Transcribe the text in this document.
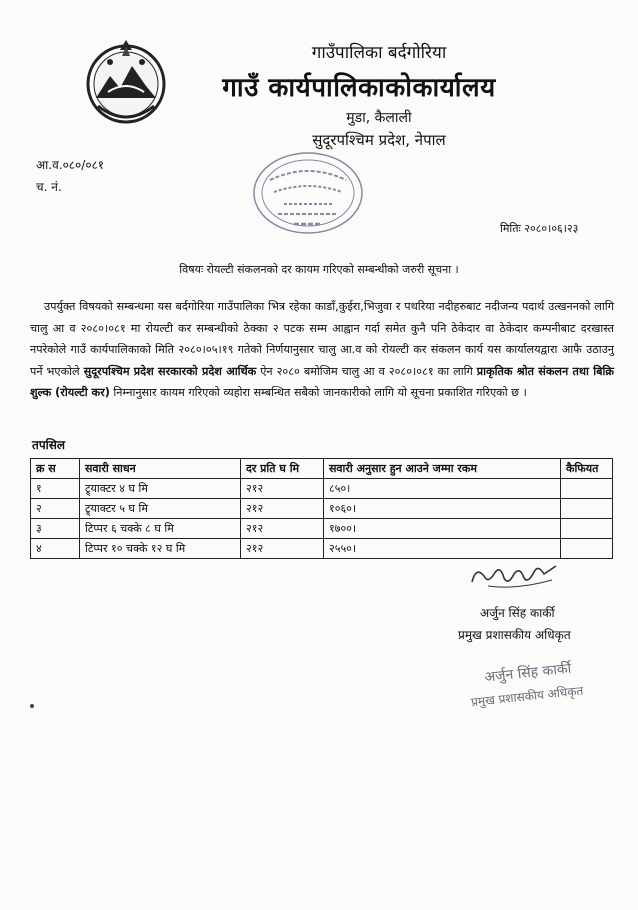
गाउँपालिका बर्दगोरिया
गाउँ कार्यपालिकाकोकार्यालय
मुडा, कैलाली
सुदूरपश्चिम प्रदेश, नेपाल
आ.व.०८०/०८१
च. नं.
मितिः २०८०।०६।२३
विषयः रोयल्टी संकलनको दर कायम गरिएको सम्बन्धीको जरुरी सूचना ।
उपर्युक्त विषयको सम्बन्धमा यस बर्दगोरिया गाउँपालिका भित्र रहेका काडाँ,कुईरा,भिजुवा र पथरिया नदीहरुबाट नदीजन्य पदार्थ उत्खननको लागि चालु आ व २०८०।०८१ मा रोयल्टी कर सम्बन्धीको ठेक्का २ पटक सम्म आह्वान गर्दा समेत कुनै पनि ठेकेदार वा ठेकेदार कम्पनीबाट दरखास्त नपरेकोले गाउँ कार्यपालिकाको मिति २०८०।०५।१९ गतेको निर्णयानुसार चालु आ.व को रोयल्टी कर संकलन कार्य यस कार्यालयद्वारा आफै उठाउनु पर्ने भएकोले सुदूरपश्चिम प्रदेश सरकारको प्रदेश आर्थिक ऐन २०८० बमोजिम चालु आ व २०८०।०८१ का लागि प्राकृतिक श्रोत संकलन तथा बिक्रि शुल्क (रोयल्टी कर) निम्नानुसार कायम गरिएको व्यहोरा सम्बन्धित सबैको जानकारीको लागि यो सूचना प्रकाशित गरिएको छ ।
तपसिल
क्र स	सवारी साधन	दर प्रति घ मि	सवारी अनुसार हुन आउने जम्मा रकम	कैफियत
१	ट्र्याक्टर ४ घ मि	२१२	८५०।	
२	ट्र्याक्टर ५ घ मि	२१२	१०६०।	
३	टिप्पर ६ चक्के ८ घ मि	२१२	१७००।	
४	टिप्पर १० चक्के १२ घ मि	२१२	२५५०।	
अर्जुन सिंह कार्की
प्रमुख प्रशासकीय अधिकृत
अर्जुन सिंह कार्की
प्रमुख प्रशासकीय अधिकृत
